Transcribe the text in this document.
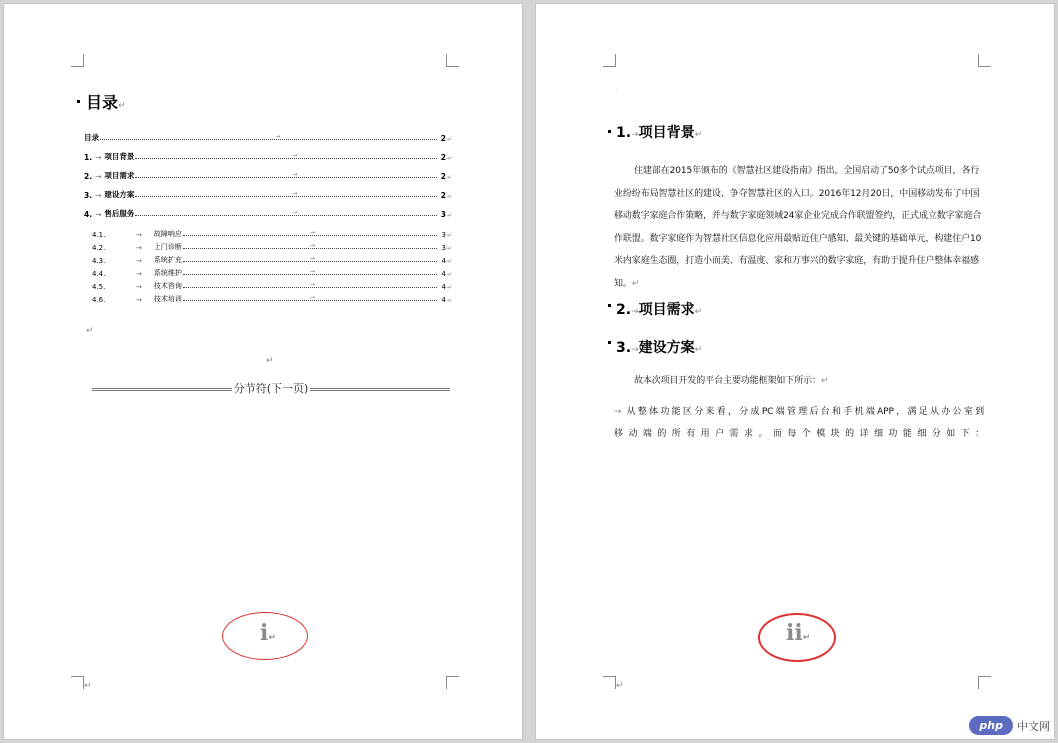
↵
目录↵
↵
↵
分节符(下一页)
i↵
目录	→	2 ↵
1. → 项目背景	→	2 ↵
2. → 项目需求	→	2 ↵
3. → 建设方案	→	2 ↵
4. → 售后服务	→	3 ↵
4.1.	→ 故障响应	→	3 ↵
4.2.	→ 上门诊断	→	3 ↵
4.3.	→ 系统扩充	→	4 ↵
4.4.	→ 系统维护	→	4 ↵
4.5.	→ 技术咨询	→	4 ↵
4.6.	→ 技术培训	→	4 ↵
↵
·
1.→项目背景↵
住建部在2015年颁布的《智慧社区建设指南》指出，全国启动了50多个试点项目，各行业纷纷布局智慧社区的建设、争夺智慧社区的入口。2016年12月20日，中国移动发布了中国移动数字家庭合作策略，并与数字家庭领域24家企业完成合作联盟签约，正式成立数字家庭合作联盟。数字家庭作为智慧社区信息化应用最贴近住户感知、最关键的基础单元，构建住户10米内家庭生态圈，打造小而美、有温度、家和万事兴的数字家庭，有助于提升住户整体幸福感知。↵
2.→项目需求↵
3.→建设方案↵
故本次项目开发的平台主要功能框架如下所示：↵
→ 从整体功能区分来看，分成PC端管理后台和手机端APP，满足从办公室到
移动端的所有用户需求。而每个模块的详细功能细分如下：
ii↵
php	中文网
